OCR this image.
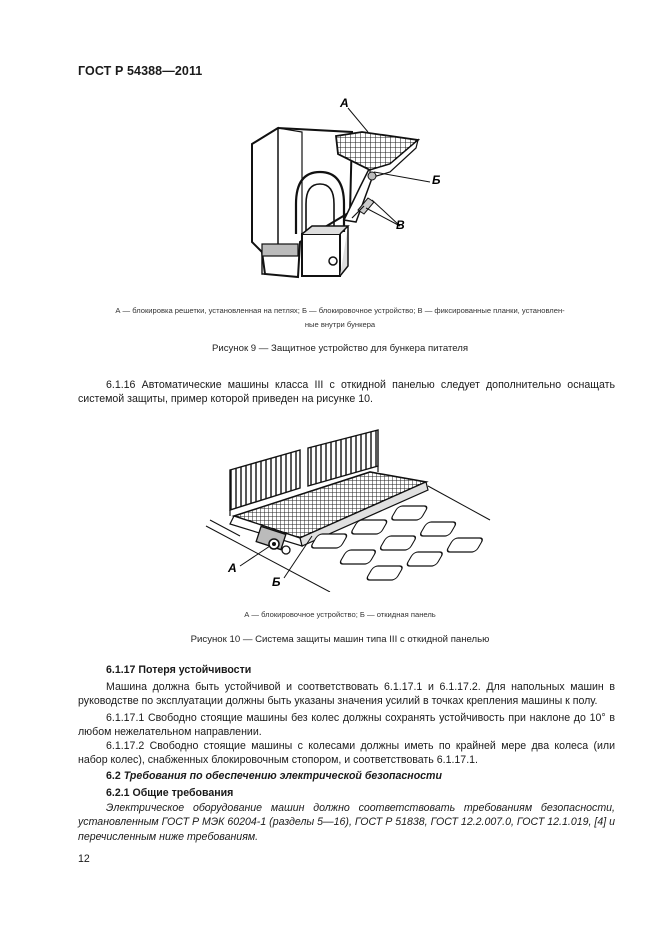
ГОСТ Р 54388—2011
А
Б
В
А — блокировка решетки, установленная на петлях; Б — блокировочное устройство; В — фиксированные планки, установлен-
ные внутри бункера
Рисунок 9 — Защитное устройство для бункера питателя
6.1.16 Автоматические машины класса III с откидной панелью следует дополнительно оснащать системой защиты, пример которой приведен на рисунке 10.
А
Б
А — блокировочное устройство; Б — откидная панель
Рисунок 10 — Система защиты машин типа III с откидной панелью
6.1.17 Потеря устойчивости
Машина должна быть устойчивой и соответствовать 6.1.17.1 и 6.1.17.2. Для напольных машин в руководстве по эксплуатации должны быть указаны значения усилий в точках крепления машины к полу.
6.1.17.1 Свободно стоящие машины без колес должны сохранять устойчивость при наклоне до 10° в любом нежелательном направлении.
6.1.17.2 Свободно стоящие машины с колесами должны иметь по крайней мере два колеса (или набор колес), снабженных блокировочным стопором, и соответствовать 6.1.17.1.
6.2 Требования по обеспечению электрической безопасности
6.2.1 Общие требования
Электрическое оборудование машин должно соответствовать требованиям безопасности, установленным ГОСТ Р МЭК 60204-1 (разделы 5—16), ГОСТ Р 51838, ГОСТ 12.2.007.0, ГОСТ 12.1.019, [4] и перечисленным ниже требованиям.
12
